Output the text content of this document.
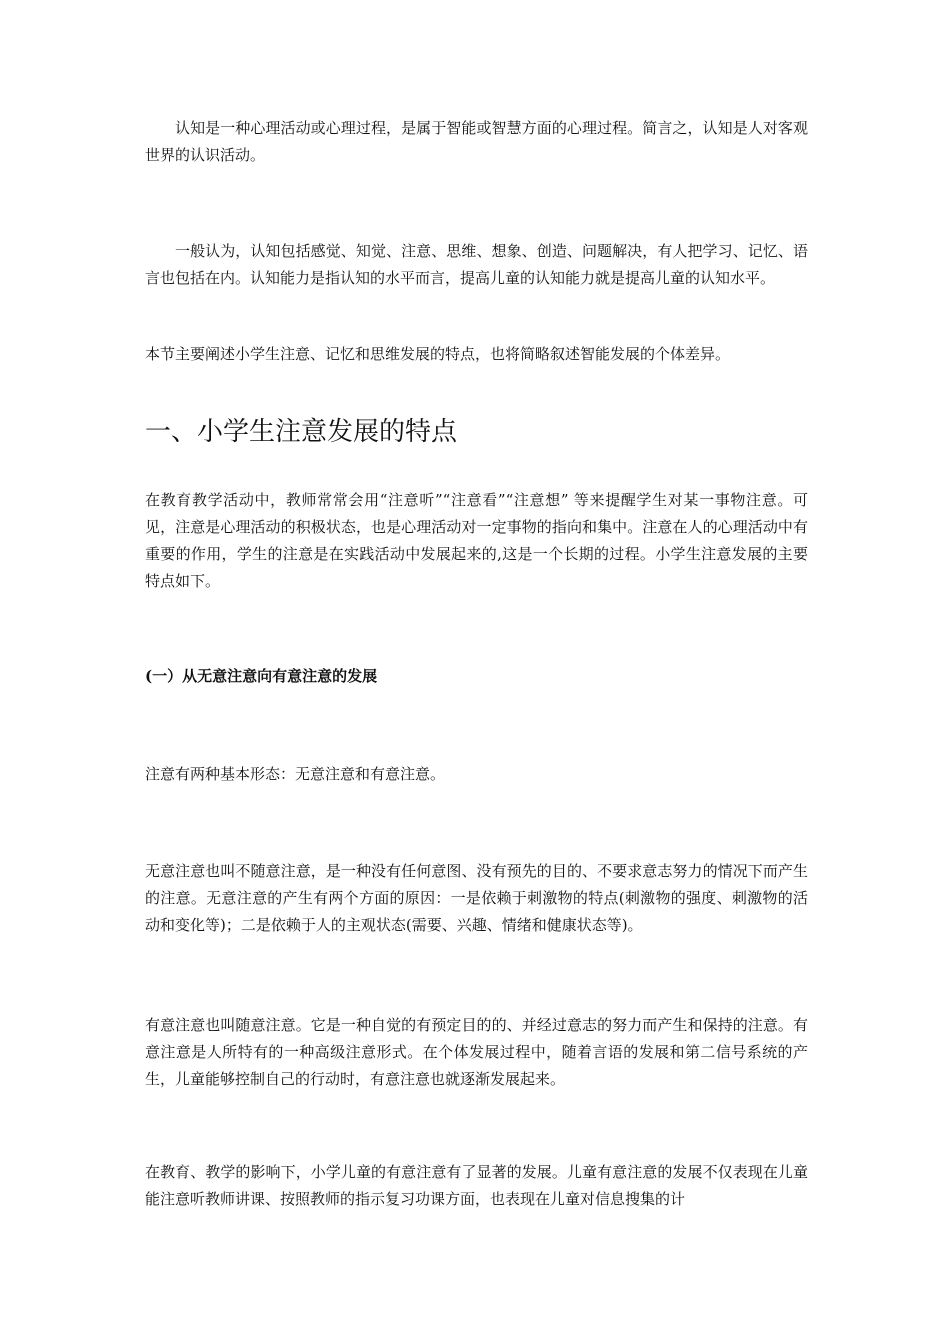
认知是一种心理活动或心理过程，是属于智能或智慧方面的心理过程。简言之，认知是人对客观世界的认识活动。

一般认为，认知包括感觉、知觉、注意、思维、想象、创造、问题解决，有人把学习、记忆、语言也包括在内。认知能力是指认知的水平而言，提高儿童的认知能力就是提高儿童的认知水平。

本节主要阐述小学生注意、记忆和思维发展的特点，也将简略叙述智能发展的个体差异。

一、小学生注意发展的特点

在教育教学活动中，教师常常会用“注意听”“注意看”“注意想” 等来提醒学生对某一事物注意。可见，注意是心理活动的积极状态，也是心理活动对一定事物的指向和集中。注意在人的心理活动中有重要的作用，学生的注意是在实践活动中发展起来的,这是一个长期的过程。小学生注意发展的主要特点如下。

(一）从无意注意向有意注意的发展

注意有两种基本形态：无意注意和有意注意。

无意注意也叫不随意注意，是一种没有任何意图、没有预先的目的、不要求意志努力的情况下而产生的注意。无意注意的产生有两个方面的原因：一是依赖于刺激物的特点(刺激物的强度、刺激物的活动和变化等)；二是依赖于人的主观状态(需要、兴趣、情绪和健康状态等)。

有意注意也叫随意注意。它是一种自觉的有预定目的的、并经过意志的努力而产生和保持的注意。有意注意是人所特有的一种高级注意形式。在个体发展过程中，随着言语的发展和第二信号系统的产生，儿童能够控制自己的行动时，有意注意也就逐渐发展起来。

在教育、教学的影响下，小学儿童的有意注意有了显著的发展。儿童有意注意的发展不仅表现在儿童能注意听教师讲课、按照教师的指示复习功课方面，也表现在儿童对信息搜集的计
